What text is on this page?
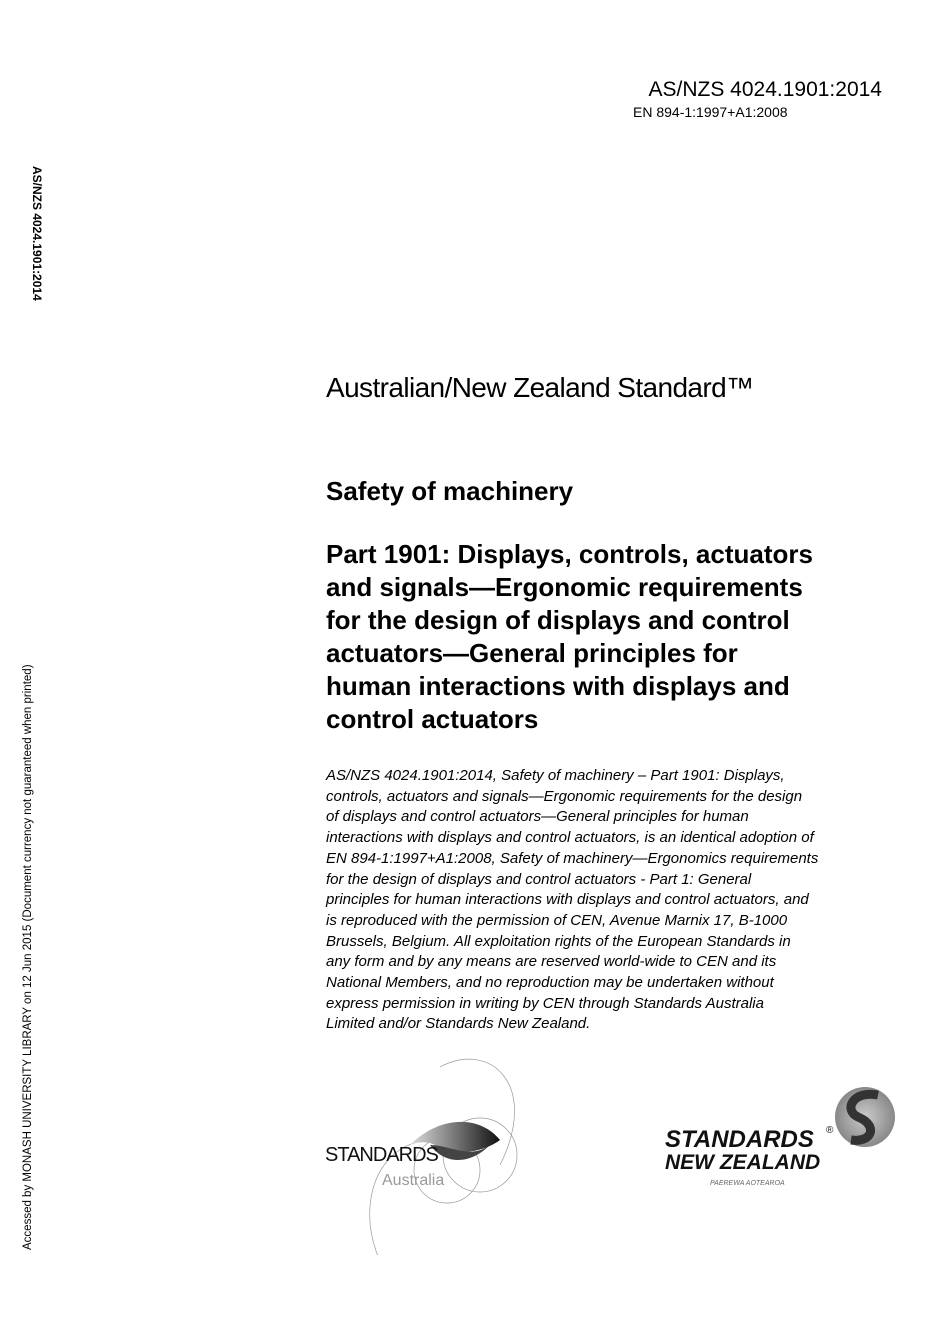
AS/NZS 4024.1901:2014
EN 894-1:1997+A1:2008
AS/NZS 4024.1901:2014
Accessed by MONASH UNIVERSITY LIBRARY on 12 Jun 2015 (Document currency not guaranteed when printed)
Australian/New Zealand Standard™
Safety of machinery
Part 1901: Displays, controls, actuators
and signals—Ergonomic requirements
for the design of displays and control
actuators—General principles for
human interactions with displays and
control actuators
AS/NZS 4024.1901:2014, Safety of machinery – Part 1901: Displays,
controls, actuators and signals—Ergonomic requirements for the design
of displays and control actuators—General principles for human
interactions with displays and control actuators, is an identical adoption of
EN 894-1:1997+A1:2008, Safety of machinery—Ergonomics requirements
for the design of displays and control actuators - Part 1: General
principles for human interactions with displays and control actuators, and
is reproduced with the permission of CEN, Avenue Marnix 17, B-1000
Brussels, Belgium. All exploitation rights of the European Standards in
any form and by any means are reserved world-wide to CEN and its
National Members, and no reproduction may be undertaken without
express permission in writing by CEN through Standards Australia
Limited and/or Standards New Zealand.
STANDARDS
Australia
STANDARDS ®
NEW ZEALAND
PAEREWA AOTEAROA
